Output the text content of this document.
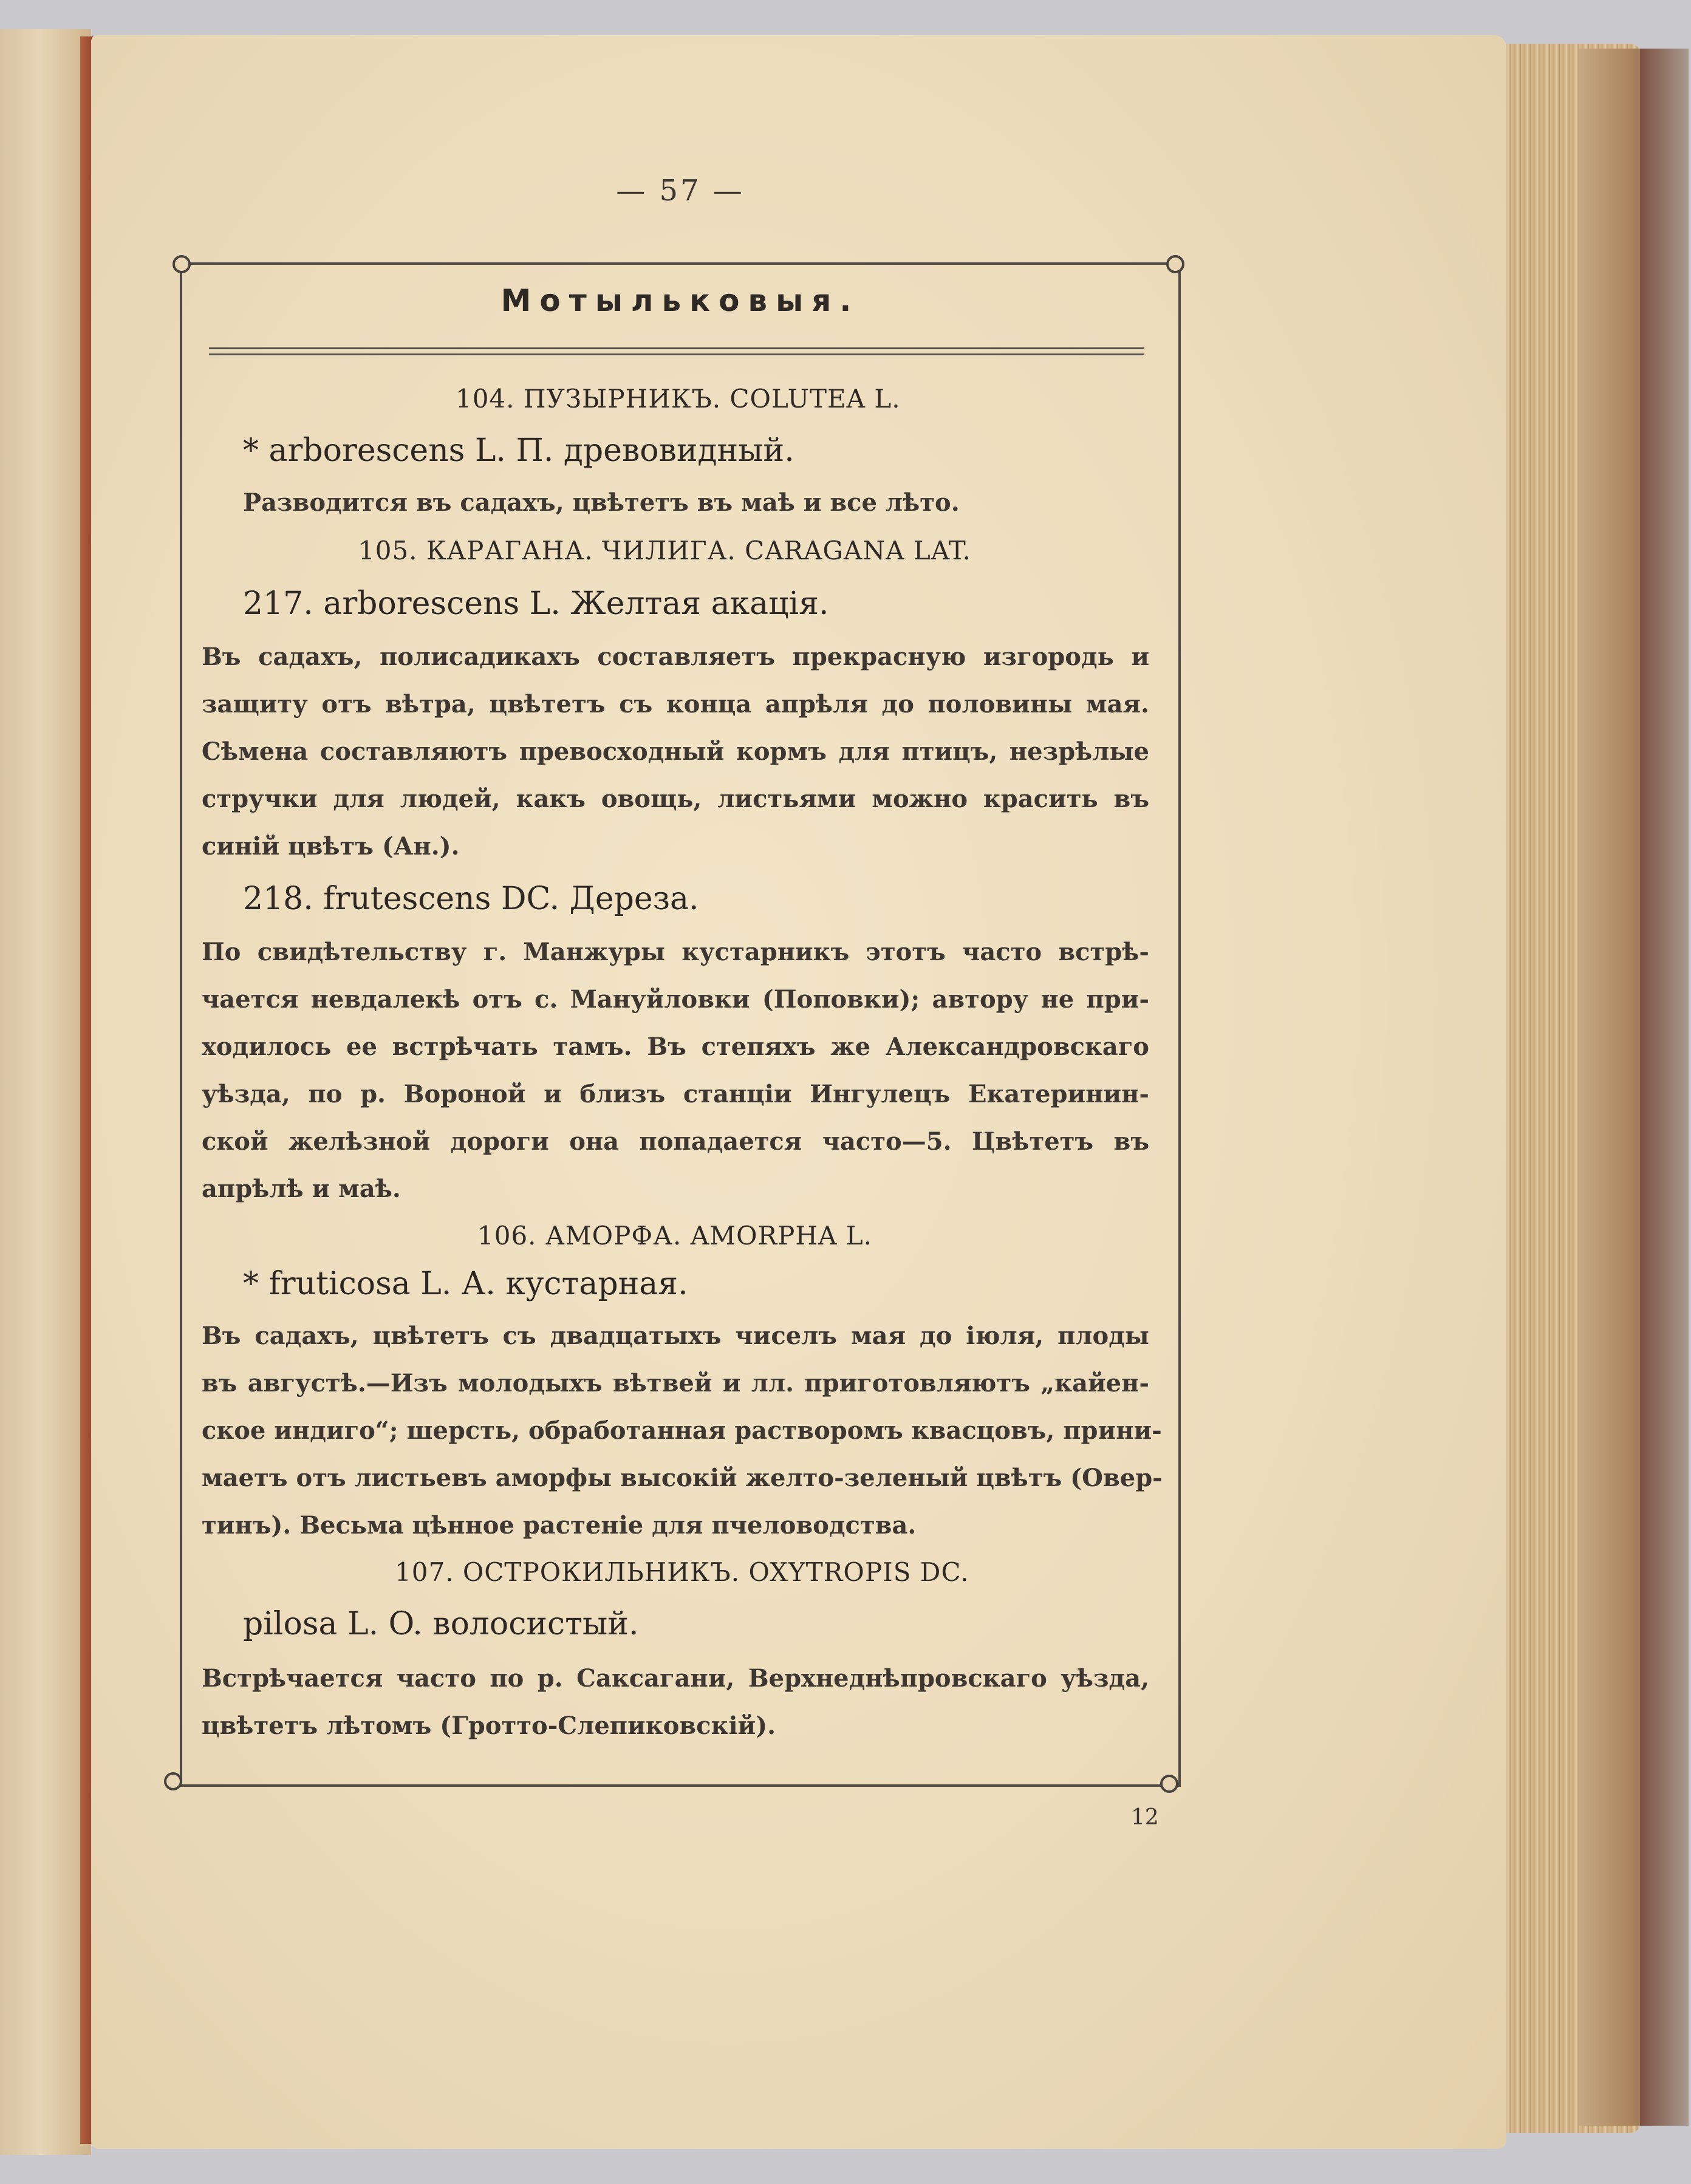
— 57 —
Мотыльковыя.
104. ПУЗЫРНИКЪ. COLUTEA L.
* arborescens L. П. древовидный.
Разводится въ садахъ, цвѣтетъ въ маѣ и все лѣто.
105. КАРАГАНА. ЧИЛИГА. CARAGANA LAT.
217. arborescens L. Желтая акація.
Въ садахъ, полисадикахъ составляетъ прекрасную изгородь и
защиту отъ вѣтра, цвѣтетъ съ конца апрѣля до половины мая.
Сѣмена составляютъ превосходный кормъ для птицъ, незрѣлые
стручки для людей, какъ овощь, листьями можно красить въ
синій цвѣтъ (Ан.).
218. frutescens DC. Дереза.
По свидѣтельству г. Манжуры кустарникъ этотъ часто встрѣ-
чается невдалекѣ отъ с. Мануйловки (Поповки); автору не при-
ходилось ее встрѣчать тамъ. Въ степяхъ же Александровскаго
уѣзда, по р. Вороной и близъ станціи Ингулецъ Екатеринин-
ской желѣзной дороги она попадается часто—5. Цвѣтетъ въ
апрѣлѣ и маѣ.
106. АМОРФА. AMORPHA L.
* fruticosa L. А. кустарная.
Въ садахъ, цвѣтетъ съ двадцатыхъ чиселъ мая до іюля, плоды
въ августѣ.—Изъ молодыхъ вѣтвей и лл. приготовляютъ „кайен-
ское индиго“; шерсть, обработанная растворомъ квасцовъ, прини-
маетъ отъ листьевъ аморфы высокій желто-зеленый цвѣтъ (Овер-
тинъ). Весьма цѣнное растеніе для пчеловодства.
107. ОСТРОКИЛЬНИКЪ. OXYTROPIS DC.
pilosa L. O. волосистый.
Встрѣчается часто по р. Саксагани, Верхнеднѣпровскаго уѣзда,
цвѣтетъ лѣтомъ (Гротто-Слепиковскій).
12
